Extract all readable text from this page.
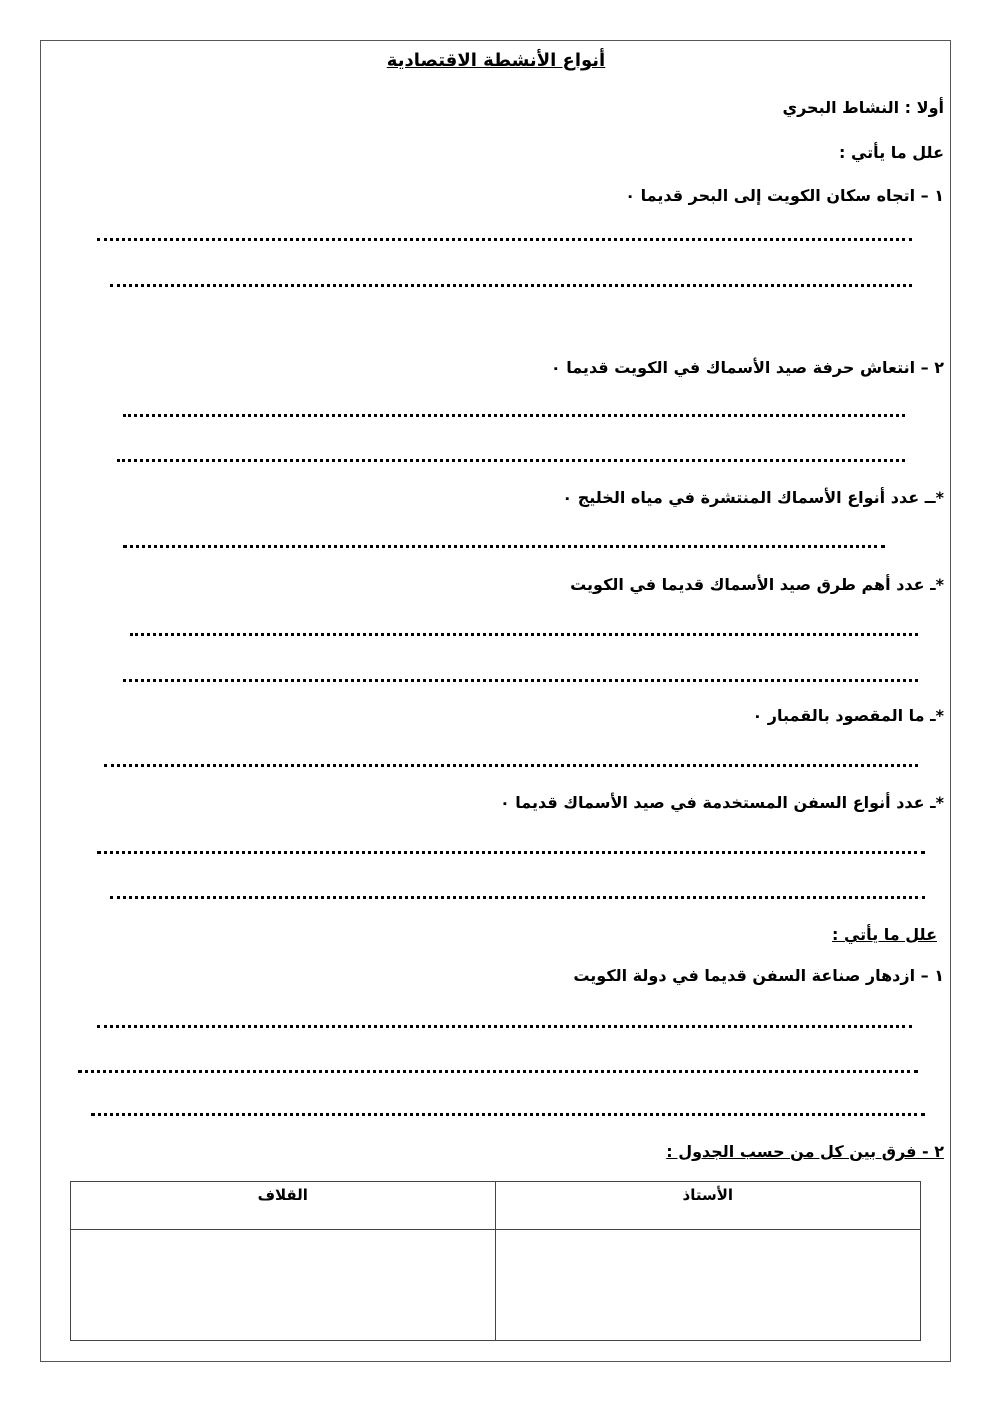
أنواع الأنشطة الاقتصادية
أولا : النشاط البحري
علل ما يأتي :
١ – اتجاه سكان الكويت إلى البحر قديما ٠
٢ – انتعاش حرفة صيد الأسماك في الكويت قديما ٠
*ــ عدد أنواع الأسماك المنتشرة في مياه الخليج ٠
*ـ عدد أهم طرق صيد الأسماك قديما في الكويت
*ـ ما المقصود بالقمبار ٠
*ـ عدد أنواع السفن المستخدمة في صيد الأسماك قديما ٠
علل ما يأتي :
١ – ازدهار صناعة السفن قديما في دولة الكويت
٢ - فرق بين كل من حسب الجدول :
الأستاذ	القلاف
